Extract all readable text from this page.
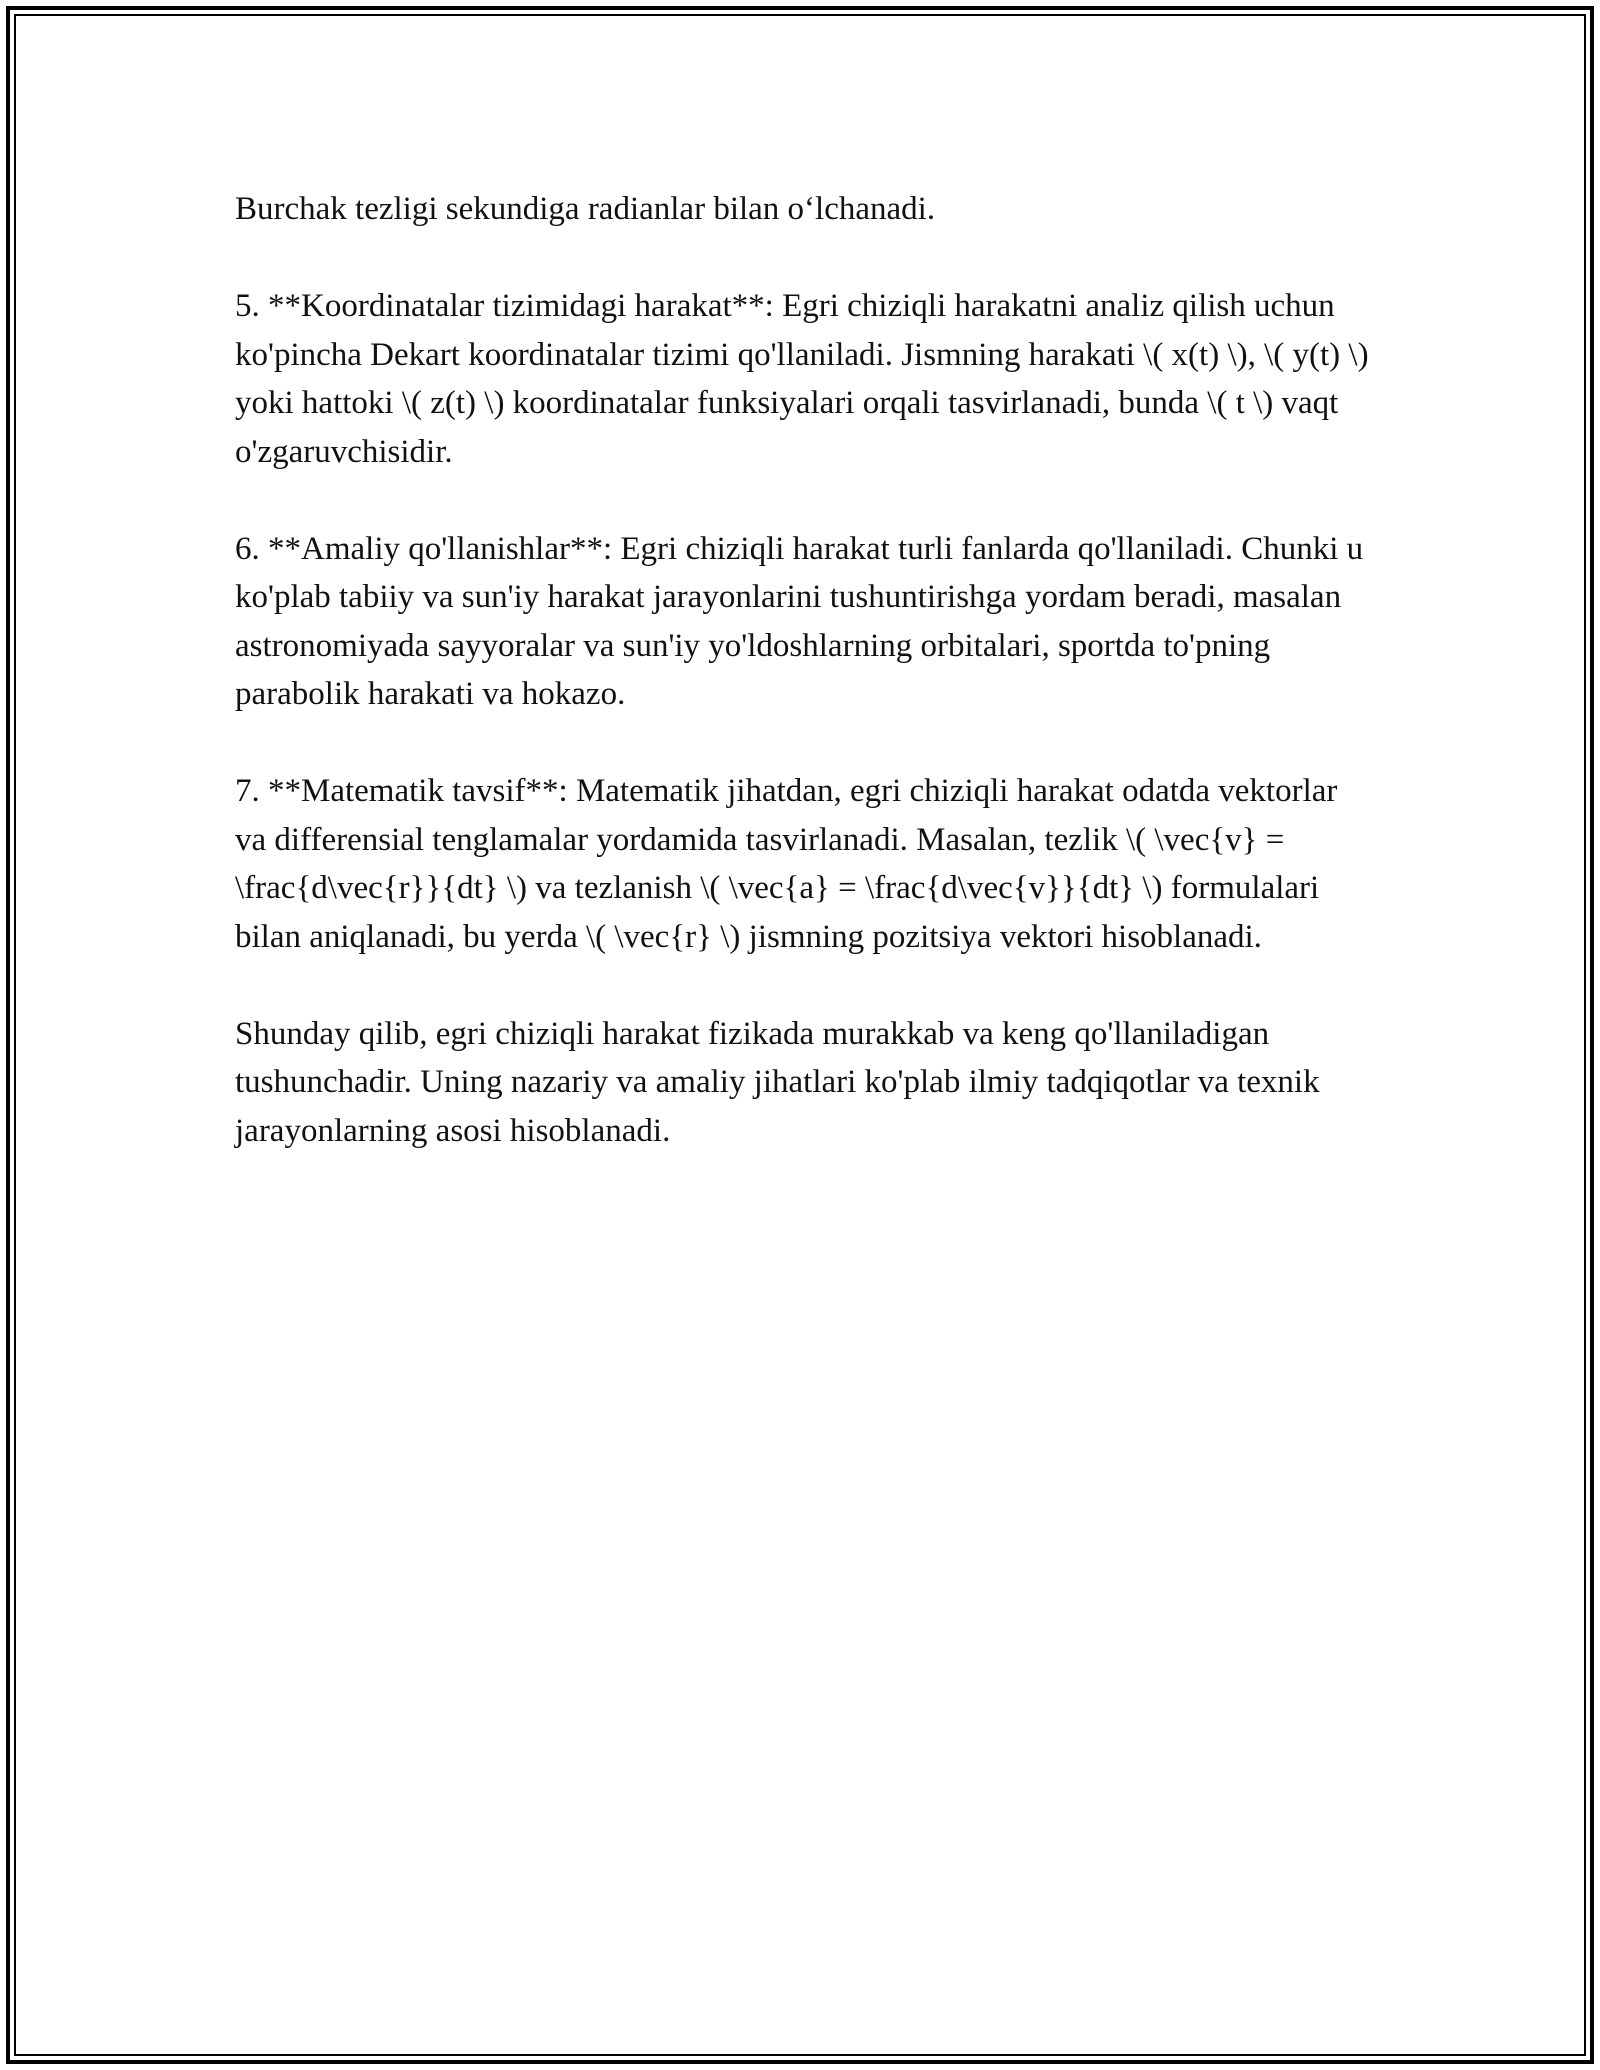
Burchak tezligi sekundiga radianlar bilan o‘lchanadi.

5. **Koordinatalar tizimidagi harakat**: Egri chiziqli harakatni analiz qilish uchun ko'pincha Dekart koordinatalar tizimi qo'llaniladi. Jismning harakati \( x(t) \), \( y(t) \) yoki hattoki \( z(t) \) koordinatalar funksiyalari orqali tasvirlanadi, bunda \( t \) vaqt o'zgaruvchisidir.

6. **Amaliy qo'llanishlar**: Egri chiziqli harakat turli fanlarda qo'llaniladi. Chunki u ko'plab tabiiy va sun'iy harakat jarayonlarini tushuntirishga yordam beradi, masalan astronomiyada sayyoralar va sun'iy yo'ldoshlarning orbitalari, sportda to'pning parabolik harakati va hokazo.

7. **Matematik tavsif**: Matematik jihatdan, egri chiziqli harakat odatda vektorlar va differensial tenglamalar yordamida tasvirlanadi. Masalan, tezlik \( \vec{v} = \frac{d\vec{r}}{dt} \) va tezlanish \( \vec{a} = \frac{d\vec{v}}{dt} \) formulalari bilan aniqlanadi, bu yerda \( \vec{r} \) jismning pozitsiya vektori hisoblanadi.

Shunday qilib, egri chiziqli harakat fizikada murakkab va keng qo'llaniladigan tushunchadir. Uning nazariy va amaliy jihatlari ko'plab ilmiy tadqiqotlar va texnik jarayonlarning asosi hisoblanadi.
